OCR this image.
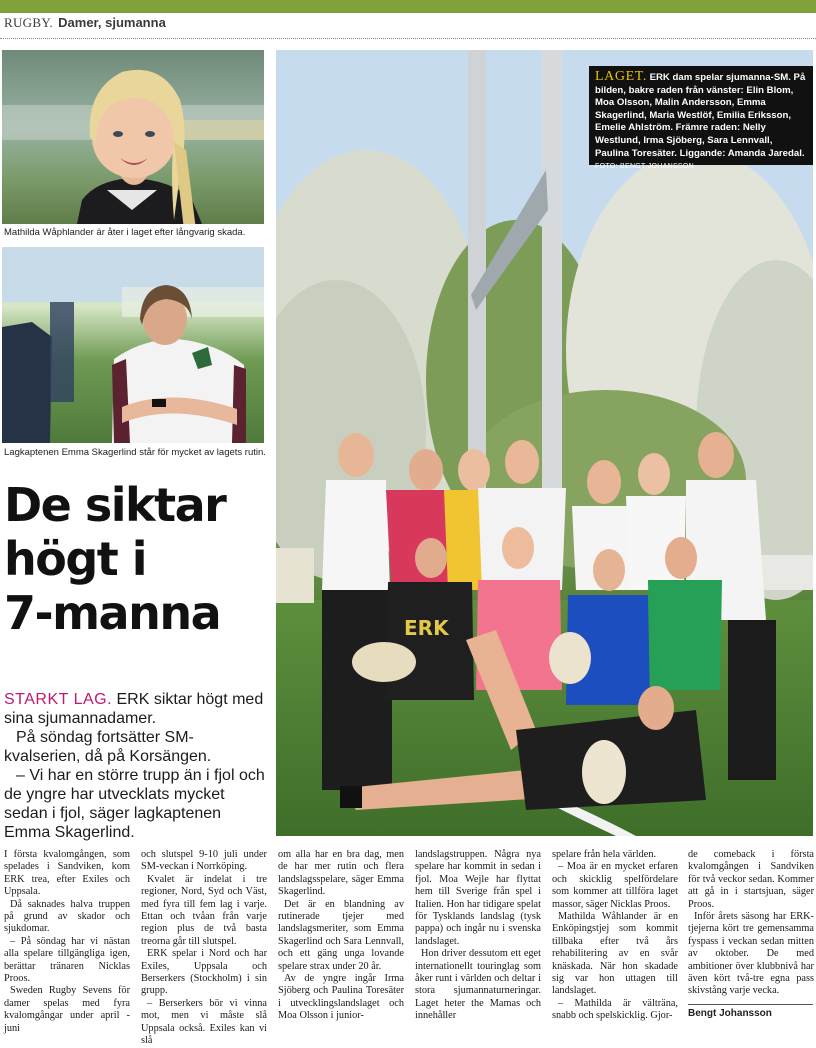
RUGBY. Damer, sjumanna
Mathilda Wåphlander är åter i laget efter långvarig skada.
Lagkaptenen Emma Skagerlind står för mycket av lagets rutin.
De siktar
högt i
7-manna

STARKT LAG. ERK siktar högt med sina sjumannadamer.

På söndag fortsätter SM-kvalserien, då på Korsängen.

– Vi har en större trupp än i fjol och de yngre har utvecklats mycket sedan i fjol, säger lagkaptenen Emma Skagerlind.

ERK
LAGET. ERK dam spelar sjumanna-SM. På bilden, bakre raden från vänster: Elin Blom, Moa Olsson, Malin Andersson, Emma Skagerlind, Maria Westlöf, Emilia Eriksson, Emelie Ahlström. Främre raden: Nelly Westlund, Irma Sjöberg, Sara Lennvall, Paulina Toresäter. Liggande: Amanda Jaredal. FOTO: BENGT JOHANSSON

I första kvalomgången, som spelades i Sandviken, kom ERK trea, efter Exiles och Uppsala.

Då saknades halva truppen på grund av skador och sjukdomar.

– På söndag har vi nästan alla spelare tillgängliga igen, berättar tränaren Nicklas Proos.

Sweden Rugby Sevens för damer spelas med fyra kvalomgångar under april - juni

och slutspel 9-10 juli under SM-veckan i Norrköping.

Kvalet är indelat i tre regioner, Nord, Syd och Väst, med fyra till fem lag i varje. Ettan och tvåan från varje region plus de två basta treorna går till slutspel.

ERK spelar i Nord och har Exiles, Uppsala och Berserkers (Stockholm) i sin grupp.

– Berserkers bör vi vinna mot, men vi måste slå Uppsala också. Exiles kan vi slå

om alla har en bra dag, men de har mer rutin och flera landslagsspelare, säger Emma Skagerlind.

Det är en blandning av rutinerade tjejer med landslagsmeriter, som Emma Skagerlind och Sara Lennvall, och ett gäng unga lovande spelare strax under 20 år.

Av de yngre ingår Irma Sjöberg och Paulina Toresäter i utvecklingslandslaget och Moa Olsson i junior-

landslagstruppen. Några nya spelare har kommit in sedan i fjol. Moa Wejle har flyttat hem till Sverige från spel i Italien. Hon har tidigare spelat för Tysklands landslag (tysk pappa) och ingår nu i svenska landslaget.

Hon driver dessutom ett eget internationellt touringlag som åker runt i världen och deltar i stora sjumannaturneringar. Laget heter the Mamas och innehåller

spelare från hela världen.

– Moa är en mycket erfaren och skicklig spelfördelare som kommer att tillföra laget massor, säger Nicklas Proos.

Mathilda Wåhlander är en Enköpingstjej som kommit tillbaka efter två års rehabilitering av en svår knäskada. När hon skadade sig var hon uttagen till landslaget.

– Mathilda är välträna, snabb och spelskicklig. Gjor-

de comeback i första kvalomgången i Sandviken för två veckor sedan. Kommer att gå in i startsjuan, säger Proos.

Inför årets säsong har ERK-tjejerna kört tre gemensamma fyspass i veckan sedan mitten av oktober. De med ambitioner över klubbnivå har även kört två-tre egna pass skivstång varje vecka.

Bengt Johansson
